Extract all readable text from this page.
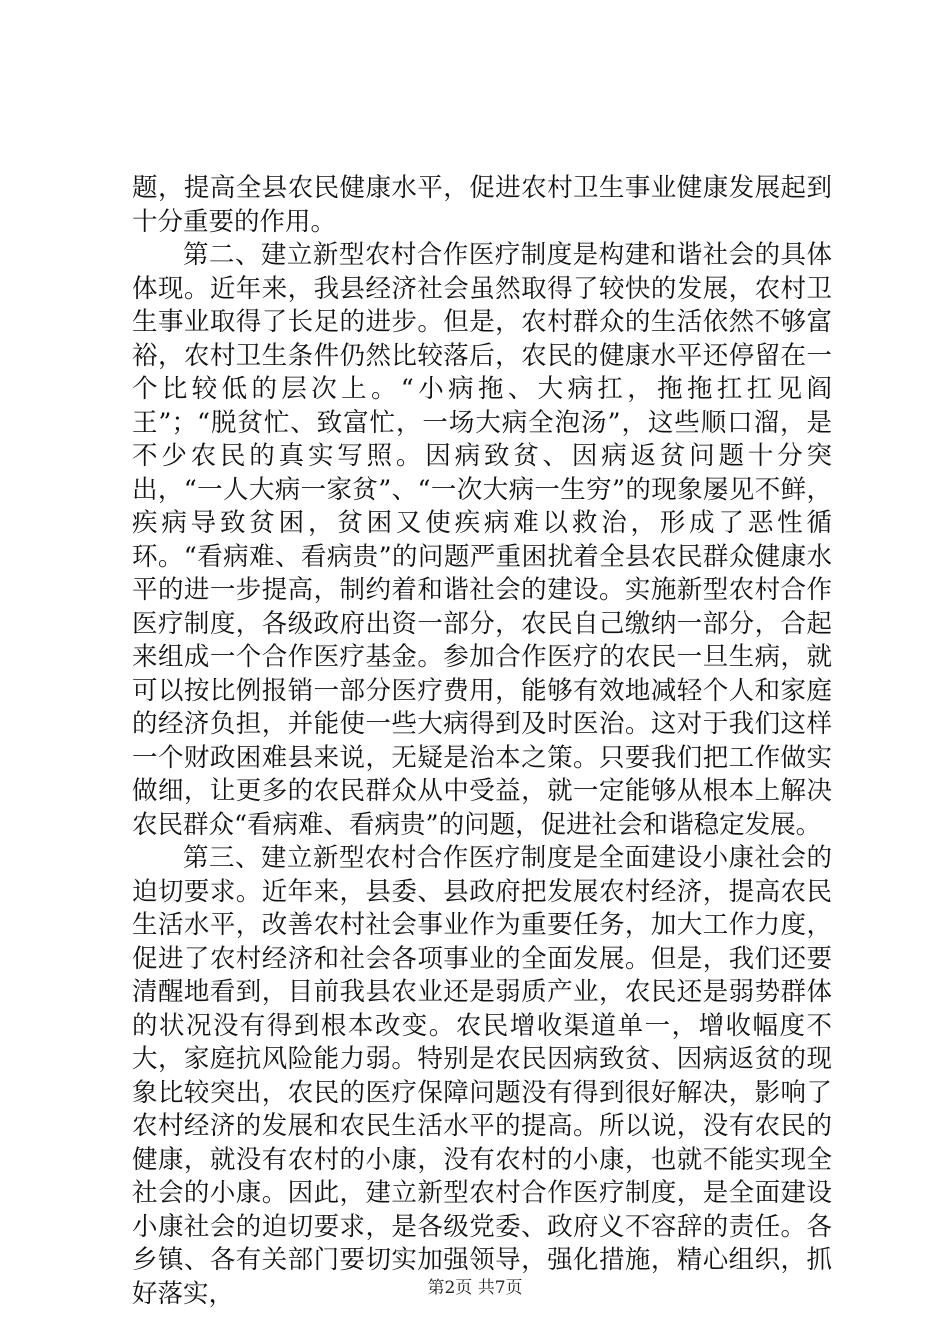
题，提高全县农民健康水平，促进农村卫生事业健康发展起到十分重要的作用。

第二、建立新型农村合作医疗制度是构建和谐社会的具体体现。近年来，我县经济社会虽然取得了较快的发展，农村卫生事业取得了长足的进步。但是，农村群众的生活依然不够富裕，农村卫生条件仍然比较落后，农民的健康水平还停留在一个比较低的层次上。“小病拖、大病扛，拖拖扛扛见阎王”；“脱贫忙、致富忙，一场大病全泡汤”，这些顺口溜，是不少农民的真实写照。因病致贫、因病返贫问题十分突出，“一人大病一家贫”、“一次大病一生穷”的现象屡见不鲜，疾病导致贫困，贫困又使疾病难以救治，形成了恶性循环。“看病难、看病贵”的问题严重困扰着全县农民群众健康水平的进一步提高，制约着和谐社会的建设。实施新型农村合作医疗制度，各级政府出资一部分，农民自己缴纳一部分，合起来组成一个合作医疗基金。参加合作医疗的农民一旦生病，就可以按比例报销一部分医疗费用，能够有效地减轻个人和家庭的经济负担，并能使一些大病得到及时医治。这对于我们这样一个财政困难县来说，无疑是治本之策。只要我们把工作做实做细，让更多的农民群众从中受益，就一定能够从根本上解决农民群众“看病难、看病贵”的问题，促进社会和谐稳定发展。

第三、建立新型农村合作医疗制度是全面建设小康社会的迫切要求。近年来，县委、县政府把发展农村经济，提高农民生活水平，改善农村社会事业作为重要任务，加大工作力度，促进了农村经济和社会各项事业的全面发展。但是，我们还要清醒地看到，目前我县农业还是弱质产业，农民还是弱势群体的状况没有得到根本改变。农民增收渠道单一，增收幅度不大，家庭抗风险能力弱。特别是农民因病致贫、因病返贫的现象比较突出，农民的医疗保障问题没有得到很好解决，影响了农村经济的发展和农民生活水平的提高。所以说，没有农民的健康，就没有农村的小康，没有农村的小康，也就不能实现全社会的小康。因此，建立新型农村合作医疗制度，是全面建设小康社会的迫切要求，是各级党委、政府义不容辞的责任。各乡镇、各有关部门要切实加强领导，强化措施，精心组织，抓好落实，	第2页 共7页
